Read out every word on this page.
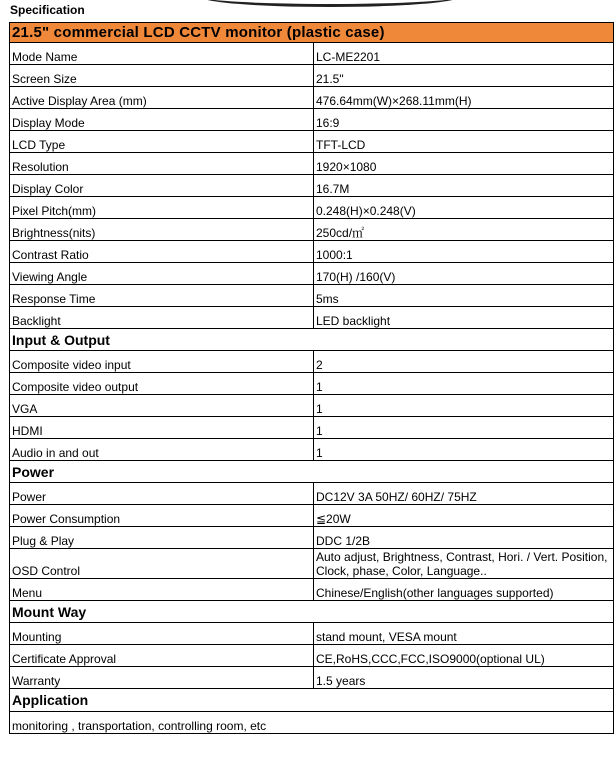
Specification
21.5" commercial LCD CCTV monitor (plastic case)	
Mode Name	LC-ME2201
Screen Size	21.5"
Active Display Area (mm)	476.64mm(W)×268.11mm(H)
Display Mode	16:9
LCD Type	TFT-LCD
Resolution	1920×1080
Display Color	16.7M
Pixel Pitch(mm)	0.248(H)×0.248(V)
Brightness(nits)	250cd/㎡
Contrast Ratio	1000:1
Viewing Angle	170(H) /160(V)
Response Time	5ms
Backlight	LED backlight
Input & Output	
Composite video input	2
Composite video output	1
VGA	1
HDMI	1
Audio in and out	1
Power	
Power	DC12V 3A 50HZ/ 60HZ/ 75HZ
Power Consumption	≦20W
Plug & Play	DDC 1/2B
OSD Control	Auto adjust, Brightness, Contrast, Hori. / Vert. Position, Clock, phase, Color, Language..
Menu	Chinese/English(other languages supported)
Mount Way	
Mounting	stand mount, VESA mount
Certificate Approval	CE,RoHS,CCC,FCC,ISO9000(optional UL)
Warranty	1.5 years
Application	
monitoring , transportation, controlling room, etc	
